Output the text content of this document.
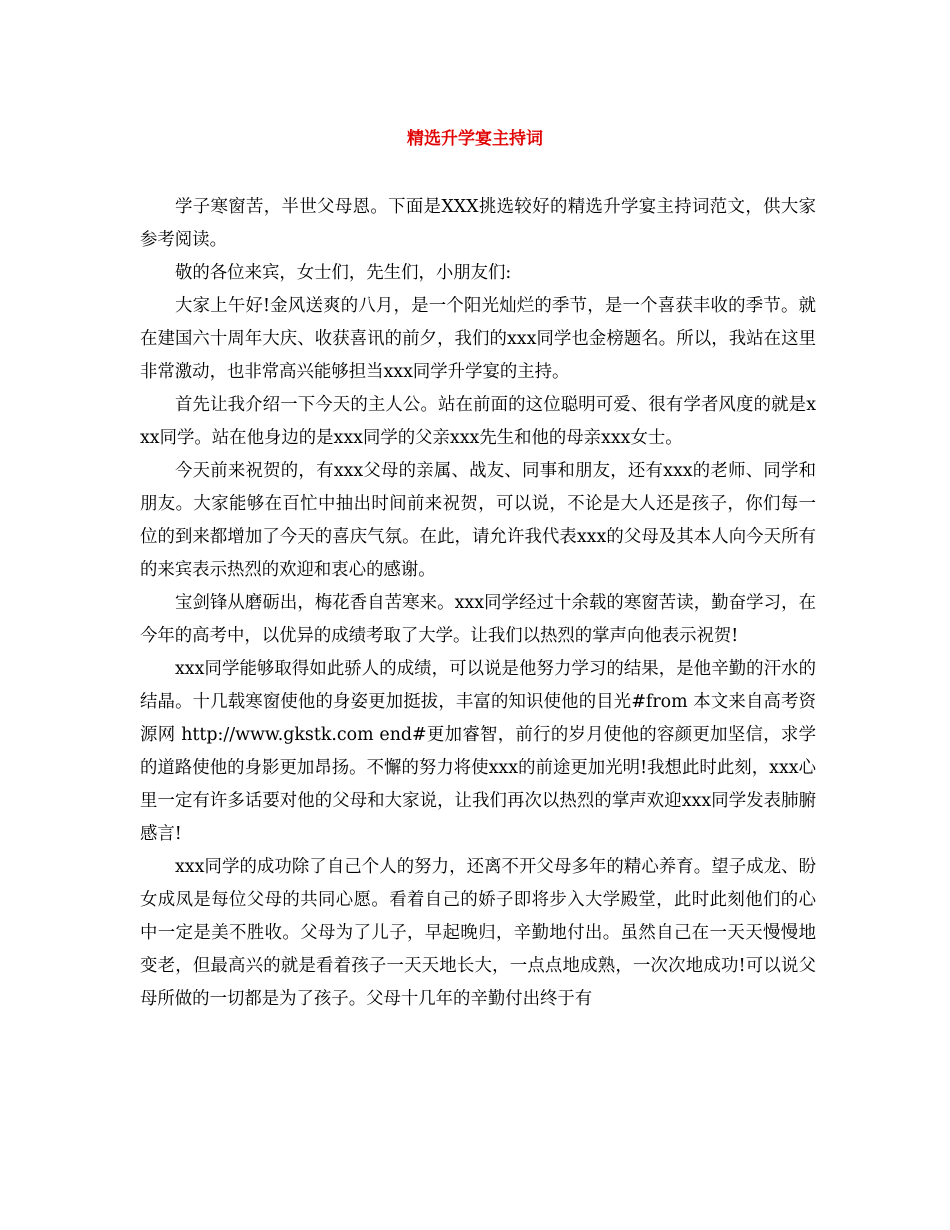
精选升学宴主持词

学子寒窗苦，半世父母恩。下面是XXX挑选较好的精选升学宴主持词范文，供大家参考阅读。

敬的各位来宾，女士们，先生们，小朋友们:

大家上午好!金风送爽的八月，是一个阳光灿烂的季节，是一个喜获丰收的季节。就在建国六十周年大庆、收获喜讯的前夕，我们的xxx同学也金榜题名。所以，我站在这里非常激动，也非常高兴能够担当xxx同学升学宴的主持。

首先让我介绍一下今天的主人公。站在前面的这位聪明可爱、很有学者风度的就是xxx同学。站在他身边的是xxx同学的父亲xxx先生和他的母亲xxx女士。

今天前来祝贺的，有xxx父母的亲属、战友、同事和朋友，还有xxx的老师、同学和朋友。大家能够在百忙中抽出时间前来祝贺，可以说，不论是大人还是孩子，你们每一位的到来都增加了今天的喜庆气氛。在此，请允许我代表xxx的父母及其本人向今天所有的来宾表示热烈的欢迎和衷心的感谢。

宝剑锋从磨砺出，梅花香自苦寒来。xxx同学经过十余载的寒窗苦读，勤奋学习，在今年的高考中，以优异的成绩考取了大学。让我们以热烈的掌声向他表示祝贺!

xxx同学能够取得如此骄人的成绩，可以说是他努力学习的结果，是他辛勤的汗水的结晶。十几载寒窗使他的身姿更加挺拔，丰富的知识使他的目光#from 本文来自高考资源网 http://www.gkstk.com end#更加睿智，前行的岁月使他的容颜更加坚信，求学的道路使他的身影更加昂扬。不懈的努力将使xxx的前途更加光明!我想此时此刻，xxx心里一定有许多话要对他的父母和大家说，让我们再次以热烈的掌声欢迎xxx同学发表肺腑感言!

xxx同学的成功除了自己个人的努力，还离不开父母多年的精心养育。望子成龙、盼女成凤是每位父母的共同心愿。看着自己的娇子即将步入大学殿堂，此时此刻他们的心中一定是美不胜收。父母为了儿子，早起晚归，辛勤地付出。虽然自己在一天天慢慢地变老，但最高兴的就是看着孩子一天天地长大，一点点地成熟，一次次地成功!可以说父母所做的一切都是为了孩子。父母十几年的辛勤付出终于有
